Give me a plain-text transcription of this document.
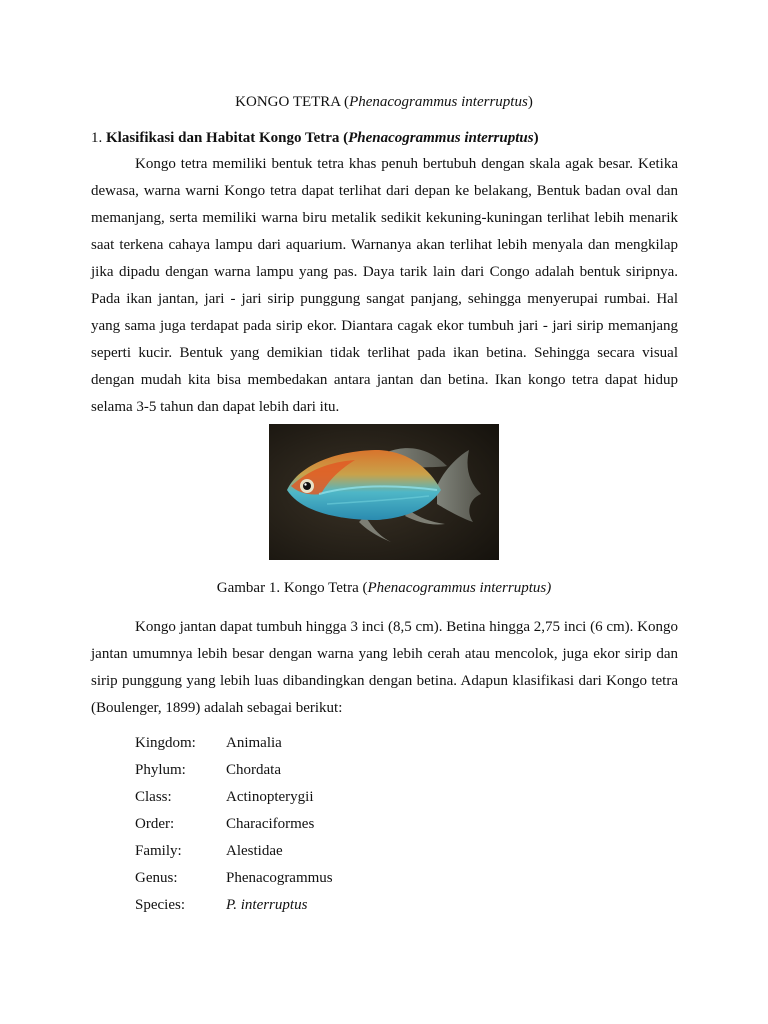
KONGO TETRA (Phenacogrammus interruptus)
1. Klasifikasi dan Habitat Kongo Tetra (Phenacogrammus interruptus)

Kongo tetra memiliki bentuk tetra khas penuh bertubuh dengan skala agak besar. Ketika dewasa, warna warni Kongo tetra dapat terlihat dari depan ke belakang, Bentuk badan oval dan memanjang, serta memiliki warna biru metalik sedikit kekuning-kuningan terlihat lebih menarik saat terkena cahaya lampu dari aquarium. Warnanya akan terlihat lebih menyala dan mengkilap jika dipadu dengan warna lampu yang pas. Daya tarik lain dari Congo adalah bentuk siripnya. Pada ikan jantan, jari - jari sirip punggung sangat panjang, sehingga menyerupai rumbai. Hal yang sama juga terdapat pada sirip ekor. Diantara cagak ekor tumbuh jari - jari sirip memanjang seperti kucir. Bentuk yang demikian tidak terlihat pada ikan betina. Sehingga secara visual dengan mudah kita bisa membedakan antara jantan dan betina. Ikan kongo tetra dapat hidup selama 3-5 tahun dan dapat lebih dari itu.

Gambar 1. Kongo Tetra (Phenacogrammus interruptus)

Kongo jantan dapat tumbuh hingga 3 inci (8,5 cm). Betina hingga 2,75 inci (6 cm). Kongo jantan umumnya lebih besar dengan warna yang lebih cerah atau mencolok, juga ekor sirip dan sirip punggung yang lebih luas dibandingkan dengan betina. Adapun klasifikasi dari Kongo tetra (Boulenger, 1899) adalah sebagai berikut:

Kingdom:	Animalia
Phylum:	Chordata
Class:	Actinopterygii
Order:	Characiformes
Family:	Alestidae
Genus:	Phenacogrammus
Species:	P. interruptus
